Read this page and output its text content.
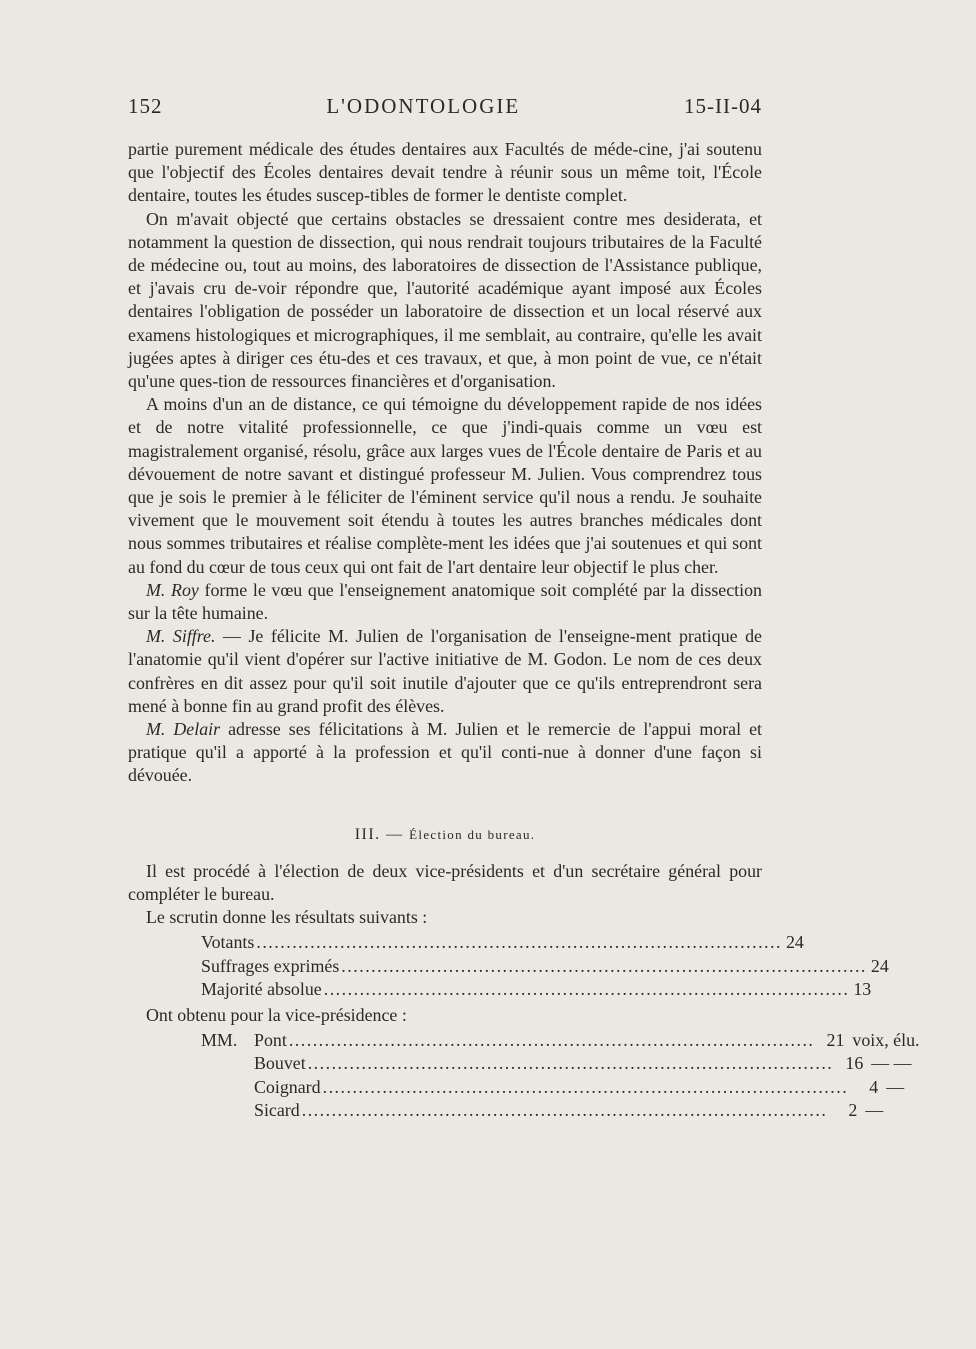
152	L'ODONTOLOGIE	15-II-04

partie purement médicale des études dentaires aux Facultés de méde-cine, j'ai soutenu que l'objectif des Écoles dentaires devait tendre à réunir sous un même toit, l'École dentaire, toutes les études suscep-tibles de former le dentiste complet.

On m'avait objecté que certains obstacles se dressaient contre mes desiderata, et notamment la question de dissection, qui nous rendrait toujours tributaires de la Faculté de médecine ou, tout au moins, des laboratoires de dissection de l'Assistance publique, et j'avais cru de-voir répondre que, l'autorité académique ayant imposé aux Écoles dentaires l'obligation de posséder un laboratoire de dissection et un local réservé aux examens histologiques et micrographiques, il me semblait, au contraire, qu'elle les avait jugées aptes à diriger ces étu-des et ces travaux, et que, à mon point de vue, ce n'était qu'une ques-tion de ressources financières et d'organisation.

A moins d'un an de distance, ce qui témoigne du développement rapide de nos idées et de notre vitalité professionnelle, ce que j'indi-quais comme un vœu est magistralement organisé, résolu, grâce aux larges vues de l'École dentaire de Paris et au dévouement de notre savant et distingué professeur M. Julien. Vous comprendrez tous que je sois le premier à le féliciter de l'éminent service qu'il nous a rendu. Je souhaite vivement que le mouvement soit étendu à toutes les autres branches médicales dont nous sommes tributaires et réalise complète-ment les idées que j'ai soutenues et qui sont au fond du cœur de tous ceux qui ont fait de l'art dentaire leur objectif le plus cher.

M. Roy forme le vœu que l'enseignement anatomique soit complété par la dissection sur la tête humaine.

M. Siffre. — Je félicite M. Julien de l'organisation de l'enseigne-ment pratique de l'anatomie qu'il vient d'opérer sur l'active initiative de M. Godon. Le nom de ces deux confrères en dit assez pour qu'il soit inutile d'ajouter que ce qu'ils entreprendront sera mené à bonne fin au grand profit des élèves.

M. Delair adresse ses félicitations à M. Julien et le remercie de l'appui moral et pratique qu'il a apporté à la profession et qu'il conti-nue à donner d'une façon si dévouée.

III. — Élection du bureau.

Il est procédé à l'élection de deux vice-présidents et d'un secrétaire général pour compléter le bureau.

Le scrutin donne les résultats suivants :

Votants ........................................................................................ 24
Suffrages exprimés ........................................................................................ 24
Majorité absolue ........................................................................................ 13

Ont obtenu pour la vice-présidence :

MM. Pont ........................................................................................ 21 voix, élu.
Bouvet ........................................................................................ 16 — —
Coignard ........................................................................................	4 —
Sicard ........................................................................................	2 —
